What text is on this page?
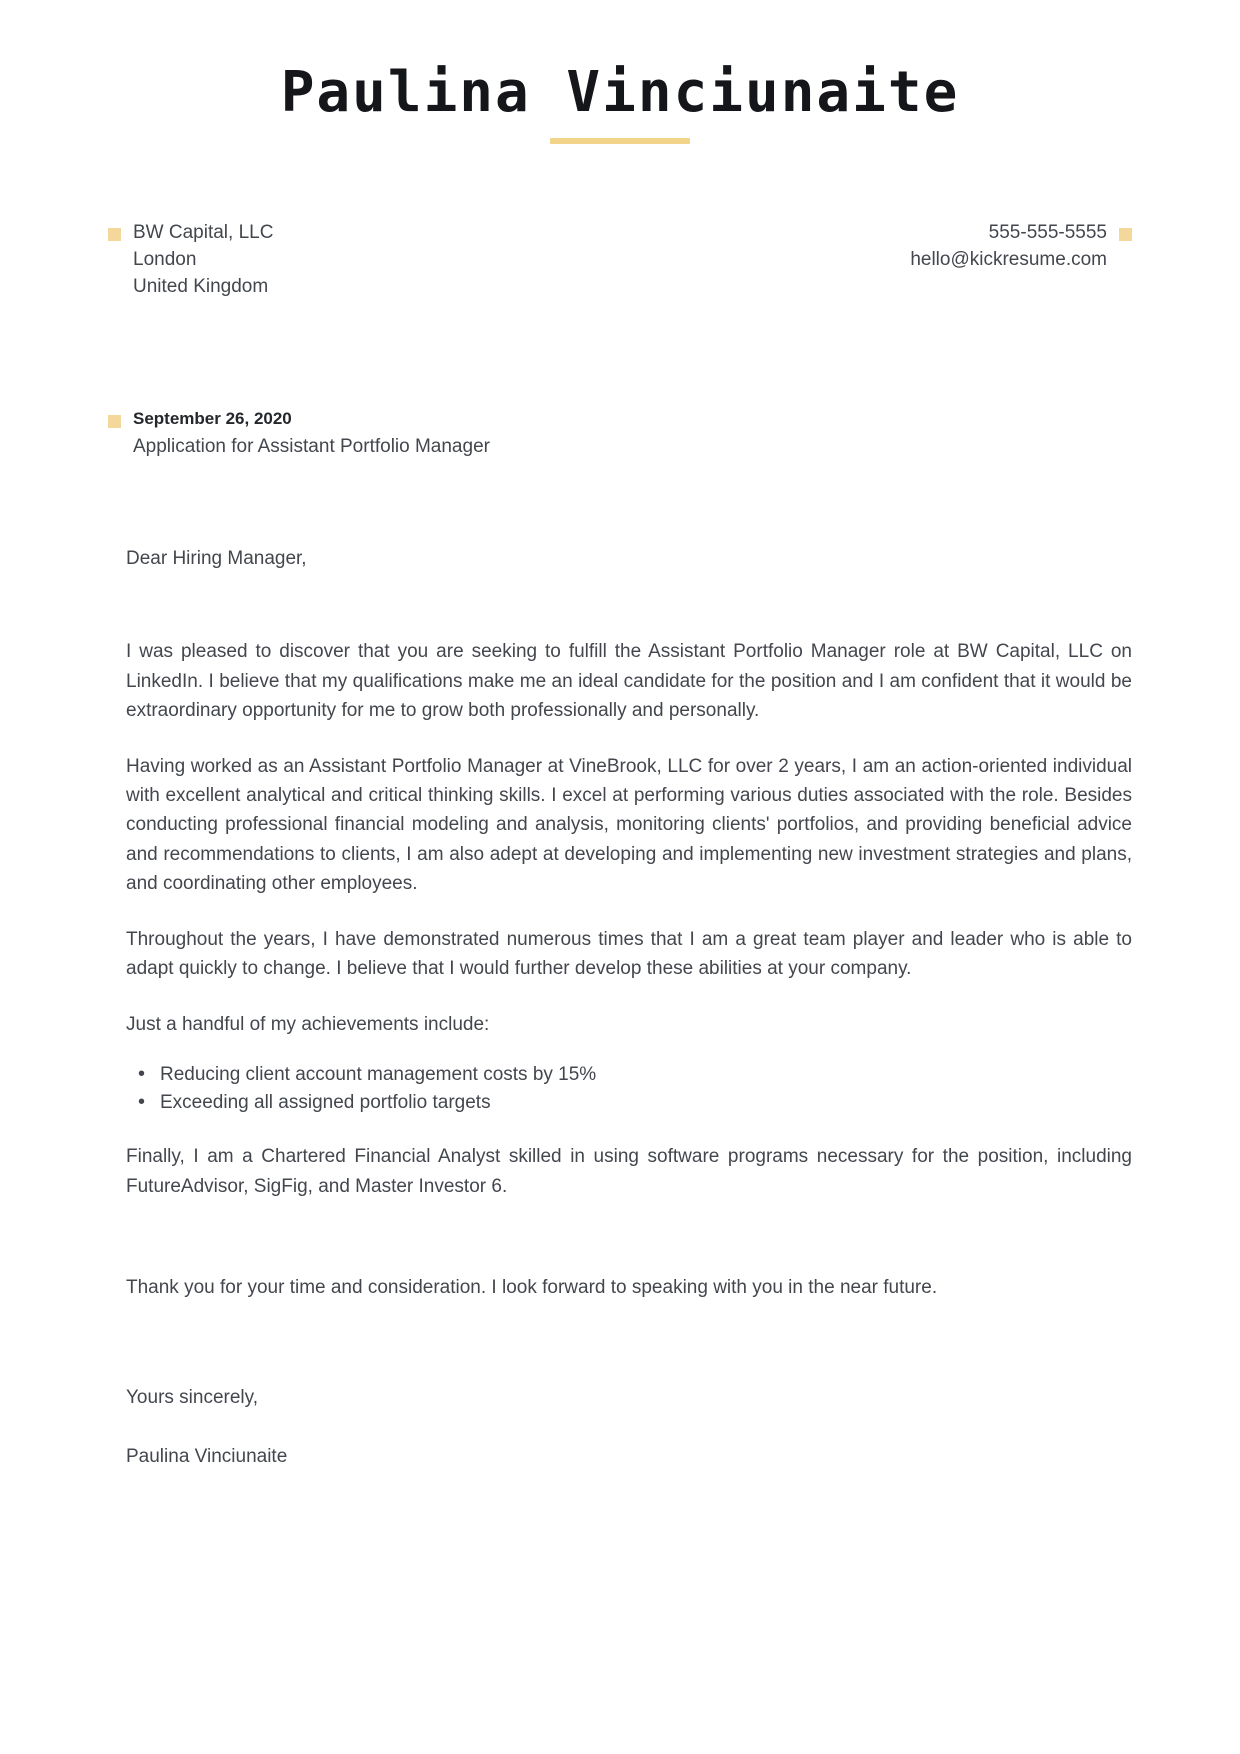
Paulina Vinciunaite
BW Capital, LLC
London
United Kingdom
555-555-5555
hello@kickresume.com
September 26, 2020
Application for Assistant Portfolio Manager
Dear Hiring Manager,

I was pleased to discover that you are seeking to fulfill the Assistant Portfolio Manager role at BW Capital, LLC on LinkedIn. I believe that my qualifications make me an ideal candidate for the position and I am confident that it would be extraordinary opportunity for me to grow both professionally and personally.

Having worked as an Assistant Portfolio Manager at VineBrook, LLC for over 2 years, I am an action-oriented individual with excellent analytical and critical thinking skills. I excel at performing various duties associated with the role. Besides conducting professional financial modeling and analysis, monitoring clients' portfolios, and providing beneficial advice and recommendations to clients, I am also adept at developing and implementing new investment strategies and plans, and coordinating other employees.

Throughout the years, I have demonstrated numerous times that I am a great team player and leader who is able to adapt quickly to change. I believe that I would further develop these abilities at your company.

Just a handful of my achievements include:

• Reducing client account management costs by 15%
• Exceeding all assigned portfolio targets

Finally, I am a Chartered Financial Analyst skilled in using software programs necessary for the position, including FutureAdvisor, SigFig, and Master Investor 6.

Thank you for your time and consideration. I look forward to speaking with you in the near future.

Yours sincerely,
Paulina Vinciunaite
